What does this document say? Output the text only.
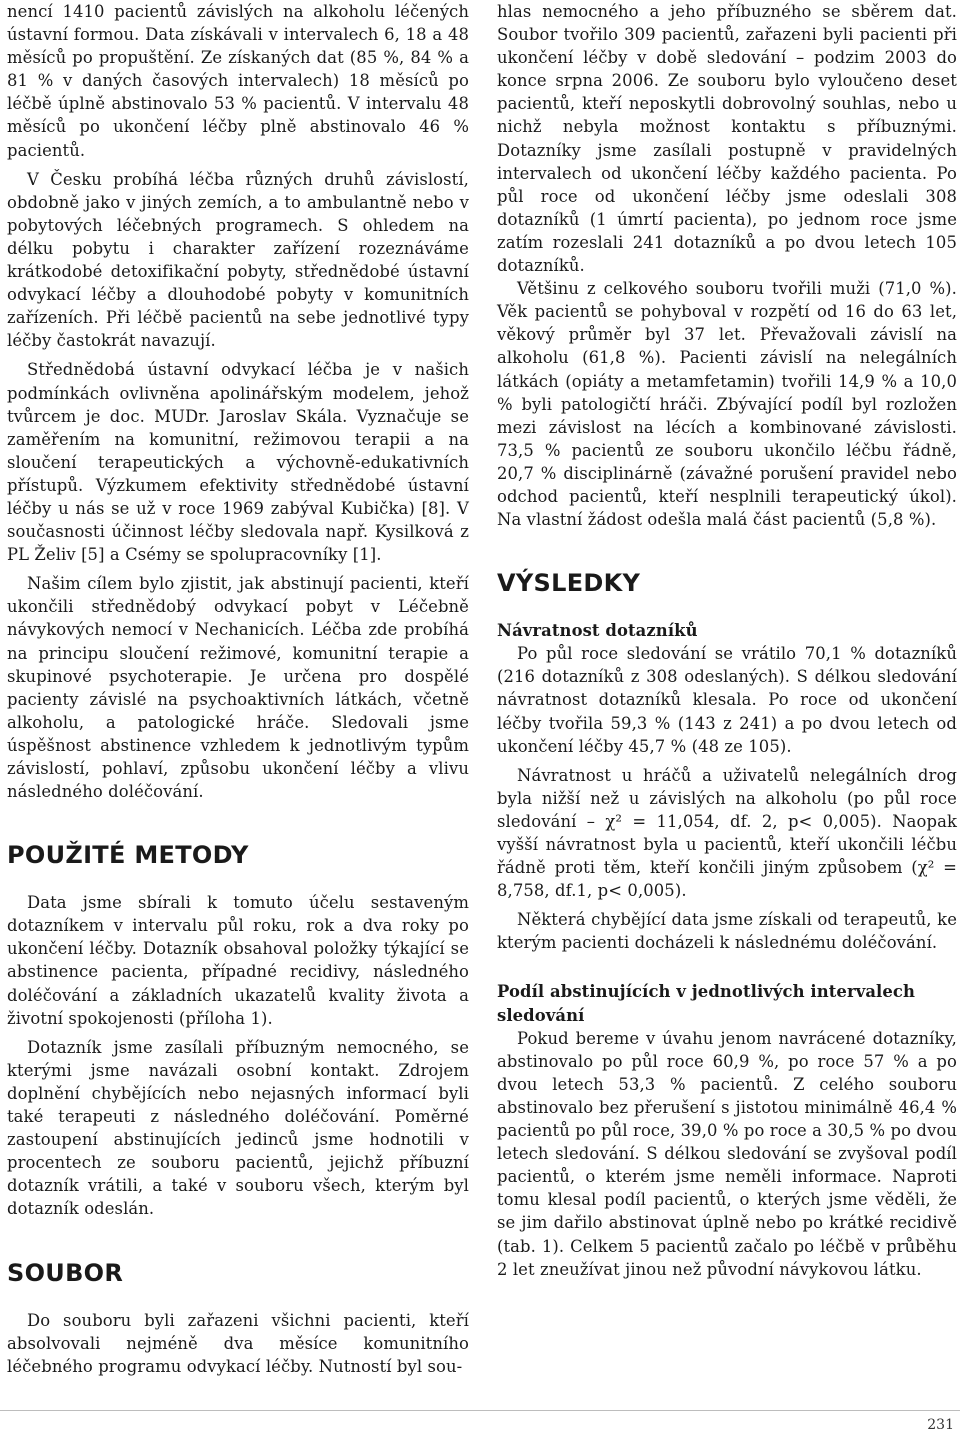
nencí 1410 pacientů závislých na alkoholu léčených ústavní formou. Data získávali v intervalech 6, 18 a 48 měsíců po propuštění. Ze získaných dat (85 %, 84 % a 81 % v daných časových intervalech) 18 měsíců po léčbě úplně abstinovalo 53 % pacientů. V intervalu 48 měsíců po ukončení léčby plně abstinovalo 46 % pacientů.

V Česku probíhá léčba různých druhů závislostí, obdobně jako v jiných zemích, a to ambulantně nebo v pobytových léčebných programech. S ohledem na délku pobytu i charakter zařízení rozeznáváme krátkodobé detoxifikační pobyty, střednědobé ústavní odvykací léčby a dlouhodobé pobyty v komunitních zařízeních. Při léčbě pacientů na sebe jednotlivé typy léčby častokrát navazují.

Střednědobá ústavní odvykací léčba je v našich podmínkách ovlivněna apolinářským modelem, jehož tvůrcem je doc. MUDr. Jaroslav Skála. Vyznačuje se zaměřením na komunitní, režimovou terapii a na sloučení terapeutických a výchovně-edukativních přístupů. Výzkumem efektivity střednědobé ústavní léčby u nás se už v roce 1969 zabýval Kubička) [8]. V současnosti účinnost léčby sledovala např. Kysilková z PL Želiv [5] a Csémy se spolupracovníky [1].

Našim cílem bylo zjistit, jak abstinují pacienti, kteří ukončili střednědobý odvykací pobyt v Léčebně návykových nemocí v Nechanicích. Léčba zde probíhá na principu sloučení režimové, komunitní terapie a skupinové psychoterapie. Je určena pro dospělé pacienty závislé na psychoaktivních látkách, včetně alkoholu, a patologické hráče. Sledovali jsme úspěšnost abstinence vzhledem k jednotlivým typům závislostí, pohlaví, způsobu ukončení léčby a vlivu následného doléčování.

POUŽITÉ METODY

Data jsme sbírali k tomuto účelu sestaveným dotazníkem v intervalu půl roku, rok a dva roky po ukončení léčby. Dotazník obsahoval položky týkající se abstinence pacienta, případné recidivy, následného doléčování a základních ukazatelů kvality života a životní spokojenosti (příloha 1).

Dotazník jsme zasílali příbuzným nemocného, se kterými jsme navázali osobní kontakt. Zdrojem doplnění chybějících nebo nejasných informací byli také terapeuti z následného doléčování. Poměrné zastoupení abstinujících jedinců jsme hodnotili v procentech ze souboru pacientů, jejichž příbuzní dotazník vrátili, a také v souboru všech, kterým byl dotazník odeslán.

SOUBOR

Do souboru byli zařazeni všichni pacienti, kteří absolvovali nejméně dva měsíce komunitního léčebného programu odvykací léčby. Nutností byl sou-

hlas nemocného a jeho příbuzného se sběrem dat. Soubor tvořilo 309 pacientů, zařazeni byli pacienti při ukončení léčby v době sledování – podzim 2003 do konce srpna 2006. Ze souboru bylo vyloučeno deset pacientů, kteří neposkytli dobrovolný souhlas, nebo u nichž nebyla možnost kontaktu s příbuznými. Dotazníky jsme zasílali postupně v pravidelných intervalech od ukončení léčby každého pacienta. Po půl roce od ukončení léčby jsme odeslali 308 dotazníků (1 úmrtí pacienta), po jednom roce jsme zatím rozeslali 241 dotazníků a po dvou letech 105 dotazníků.

Většinu z celkového souboru tvořili muži (71,0 %). Věk pacientů se pohyboval v rozpětí od 16 do 63 let, věkový průměr byl 37 let. Převažovali závislí na alkoholu (61,8 %). Pacienti závislí na nelegálních látkách (opiáty a metamfetamin) tvořili 14,9 % a 10,0 % byli patologičtí hráči. Zbývající podíl byl rozložen mezi závislost na lécích a kombinované závislosti. 73,5 % pacientů ze souboru ukončilo léčbu řádně, 20,7 % disciplinárně (závažné porušení pravidel nebo odchod pacientů, kteří nesplnili terapeutický úkol). Na vlastní žádost odešla malá část pacientů (5,8 %).

VÝSLEDKY
Návratnost dotazníků

Po půl roce sledování se vrátilo 70,1 % dotazníků (216 dotazníků z 308 odeslaných). S délkou sledování návratnost dotazníků klesala. Po roce od ukončení léčby tvořila 59,3 % (143 z 241) a po dvou letech od ukončení léčby 45,7 % (48 ze 105).

Návratnost u hráčů a uživatelů nelegálních drog byla nižší než u závislých na alkoholu (po půl roce sledování – χ² = 11,054, df. 2, p< 0,005). Naopak vyšší návratnost byla u pacientů, kteří ukončili léčbu řádně proti těm, kteří končili jiným způsobem (χ² = 8,758, df.1, p< 0,005).

Některá chybějící data jsme získali od terapeutů, ke kterým pacienti docházeli k následnému doléčování.

Podíl abstinujících v jednotlivých intervalech sledování

Pokud bereme v úvahu jenom navrácené dotazníky, abstinovalo po půl roce 60,9 %, po roce 57 % a po dvou letech 53,3 % pacientů. Z celého souboru abstinovalo bez přerušení s jistotou minimálně 46,4 % pacientů po půl roce, 39,0 % po roce a 30,5 % po dvou letech sledování. S délkou sledování se zvyšoval podíl pacientů, o kterém jsme neměli informace. Naproti tomu klesal podíl pacientů, o kterých jsme věděli, že se jim dařilo abstinovat úplně nebo po krátké recidivě (tab. 1). Celkem 5 pacientů začalo po léčbě v průběhu 2 let zneužívat jinou než původní návykovou látku.

231
